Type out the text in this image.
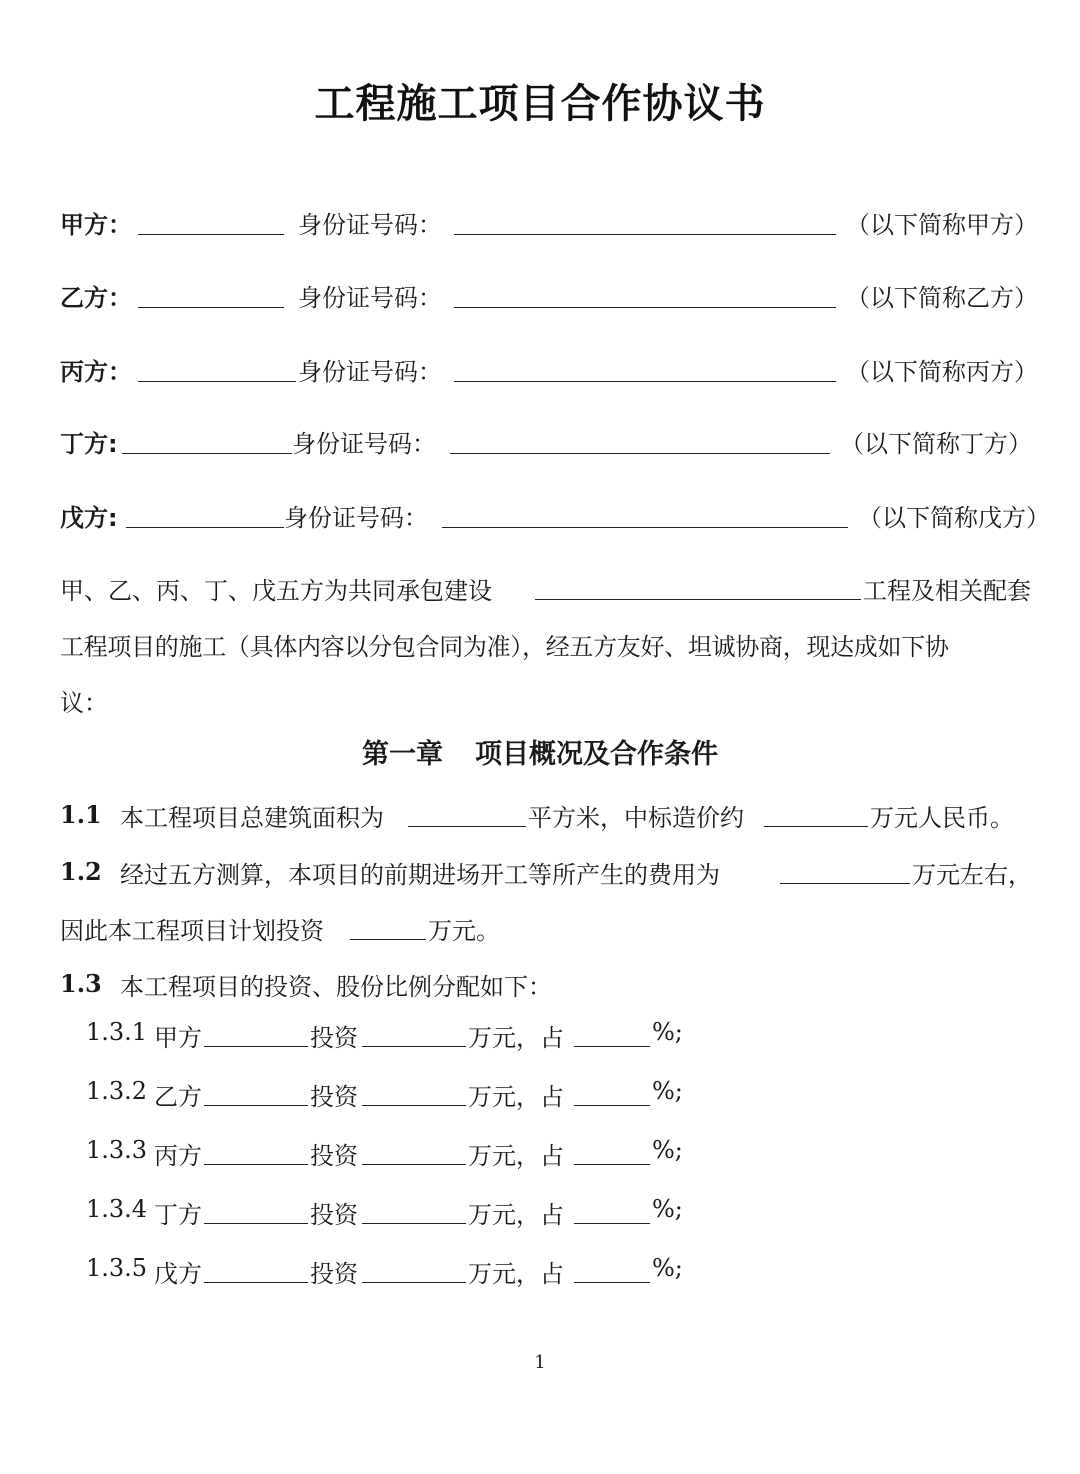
工程施工项目合作协议书
甲方：	身份证号码：	（以下简称甲方）
乙方：	身份证号码：	（以下简称乙方）
丙方：	身份证号码：	（以下简称丙方）
丁方:	身份证号码：	（以下简称丁方）
戊方:	身份证号码：	（以下简称戊方）
甲、乙、丙、丁、戊五方为共同承包建设	工程及相关配套
工程项目的施工（具体内容以分包合同为准），经五方友好、坦诚协商，现达成如下协
议：
第一章 项目概况及合作条件
1.1 本工程项目总建筑面积为	平方米，中标造价约	万元人民币。
1.2 经过五方测算，本项目的前期进场开工等所产生的费用为	万元左右，
因此本工程项目计划投资	万元。
1.3 本工程项目的投资、股份比例分配如下：
1.3.1 甲方	投资	万元，占	%;
1.3.2 乙方	投资	万元，占	%;
1.3.3 丙方	投资	万元，占	%;
1.3.4 丁方	投资	万元，占	%;
1.3.5 戊方	投资	万元，占	%;
1
